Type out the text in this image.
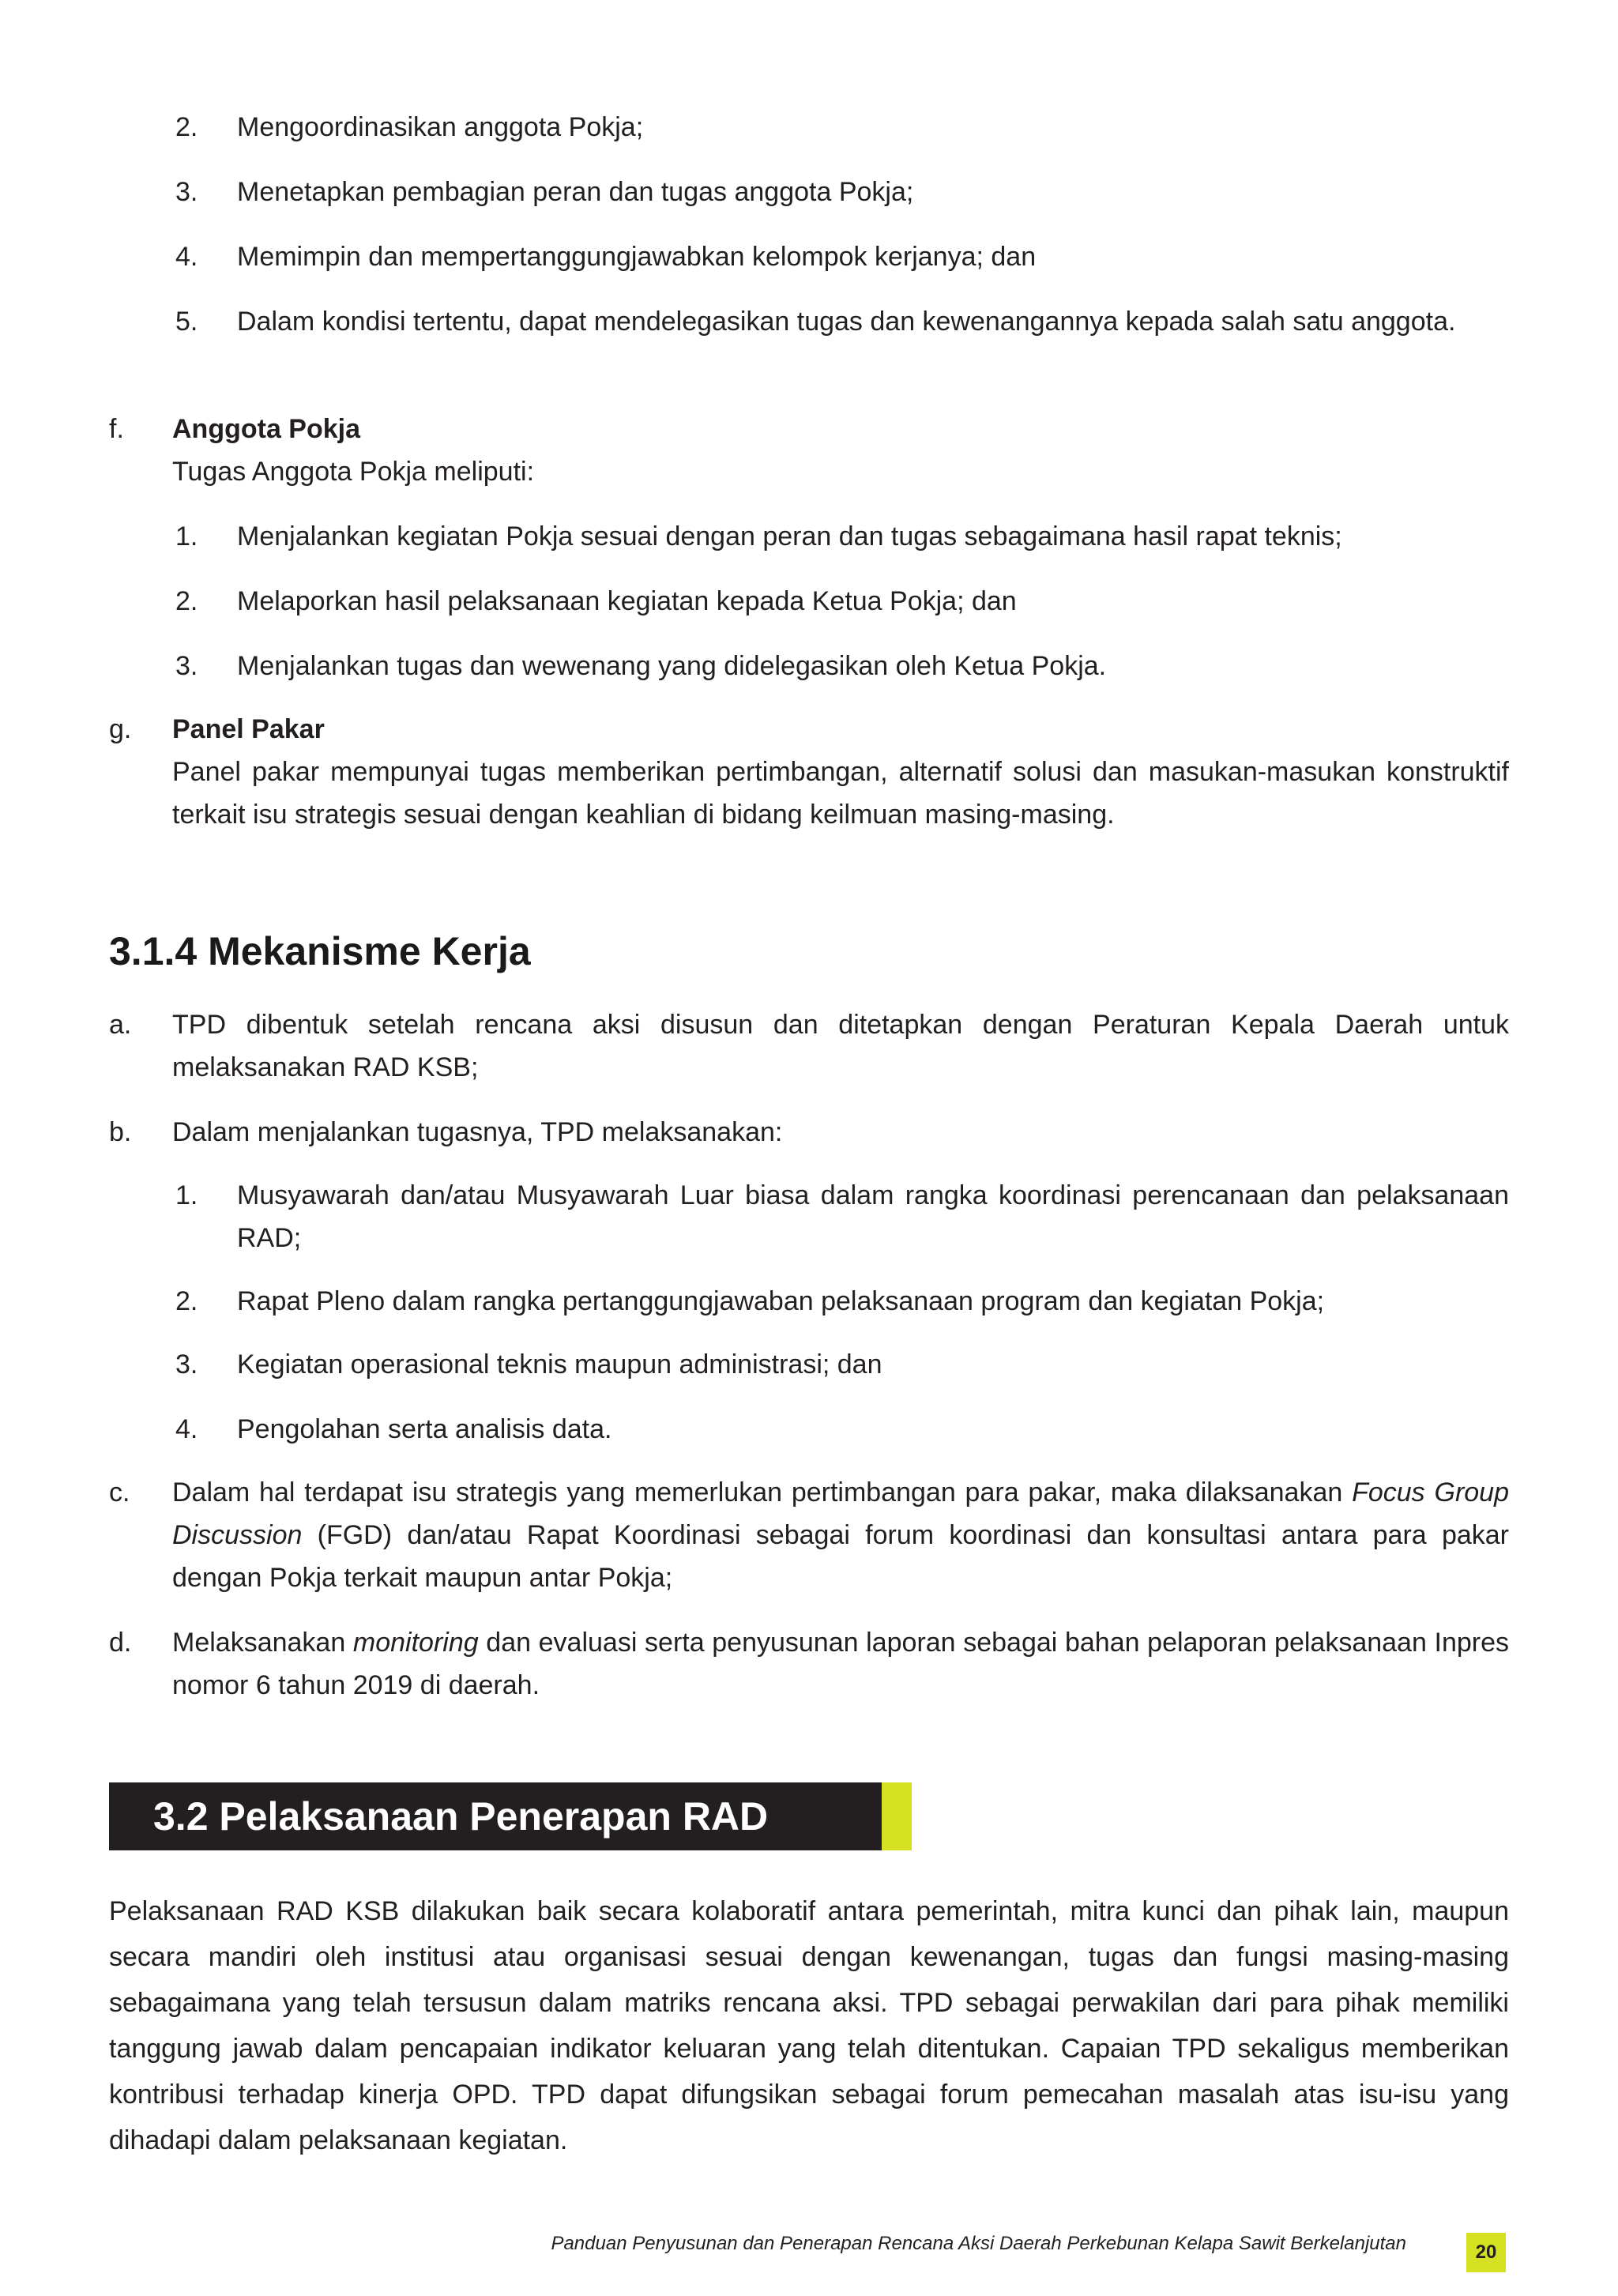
2. Mengoordinasikan anggota Pokja;
3. Menetapkan pembagian peran dan tugas anggota Pokja;
4. Memimpin dan mempertanggungjawabkan kelompok kerjanya; dan
5. Dalam kondisi tertentu, dapat mendelegasikan tugas dan kewenangannya kepada salah satu anggota.
f. Anggota Pokja
Tugas Anggota Pokja meliputi:
1. Menjalankan kegiatan Pokja sesuai dengan peran dan tugas sebagaimana hasil rapat teknis;
2. Melaporkan hasil pelaksanaan kegiatan kepada Ketua Pokja; dan
3. Menjalankan tugas dan wewenang yang didelegasikan oleh Ketua Pokja.
g. Panel Pakar
Panel pakar mempunyai tugas memberikan pertimbangan, alternatif solusi dan masukan-masukan konstruktif terkait isu strategis sesuai dengan keahlian di bidang keilmuan masing-masing.
3.1.4 Mekanisme Kerja
a. TPD dibentuk setelah rencana aksi disusun dan ditetapkan dengan Peraturan Kepala Daerah untuk melaksanakan RAD KSB;
b. Dalam menjalankan tugasnya, TPD melaksanakan:
1. Musyawarah dan/atau Musyawarah Luar biasa dalam rangka koordinasi perencanaan dan pelaksanaan RAD;
2. Rapat Pleno dalam rangka pertanggungjawaban pelaksanaan program dan kegiatan Pokja;
3. Kegiatan operasional teknis maupun administrasi; dan
4. Pengolahan serta analisis data.
c. Dalam hal terdapat isu strategis yang memerlukan pertimbangan para pakar, maka dilaksanakan Focus Group Discussion (FGD) dan/atau Rapat Koordinasi sebagai forum koordinasi dan konsultasi antara para pakar dengan Pokja terkait maupun antar Pokja;
d. Melaksanakan monitoring dan evaluasi serta penyusunan laporan sebagai bahan pelaporan pelaksanaan Inpres nomor 6 tahun 2019 di daerah.
3.2 Pelaksanaan Penerapan RAD
Pelaksanaan RAD KSB dilakukan baik secara kolaboratif antara pemerintah, mitra kunci dan pihak lain, maupun secara mandiri oleh institusi atau organisasi sesuai dengan kewenangan, tugas dan fungsi masing-masing sebagaimana yang telah tersusun dalam matriks rencana aksi. TPD sebagai perwakilan dari para pihak memiliki tanggung jawab dalam pencapaian indikator keluaran yang telah ditentukan. Capaian TPD sekaligus memberikan kontribusi terhadap kinerja OPD. TPD dapat difungsikan sebagai forum pemecahan masalah atas isu-isu yang dihadapi dalam pelaksanaan kegiatan.
Panduan Penyusunan dan Penerapan Rencana Aksi Daerah Perkebunan Kelapa Sawit Berkelanjutan	20
